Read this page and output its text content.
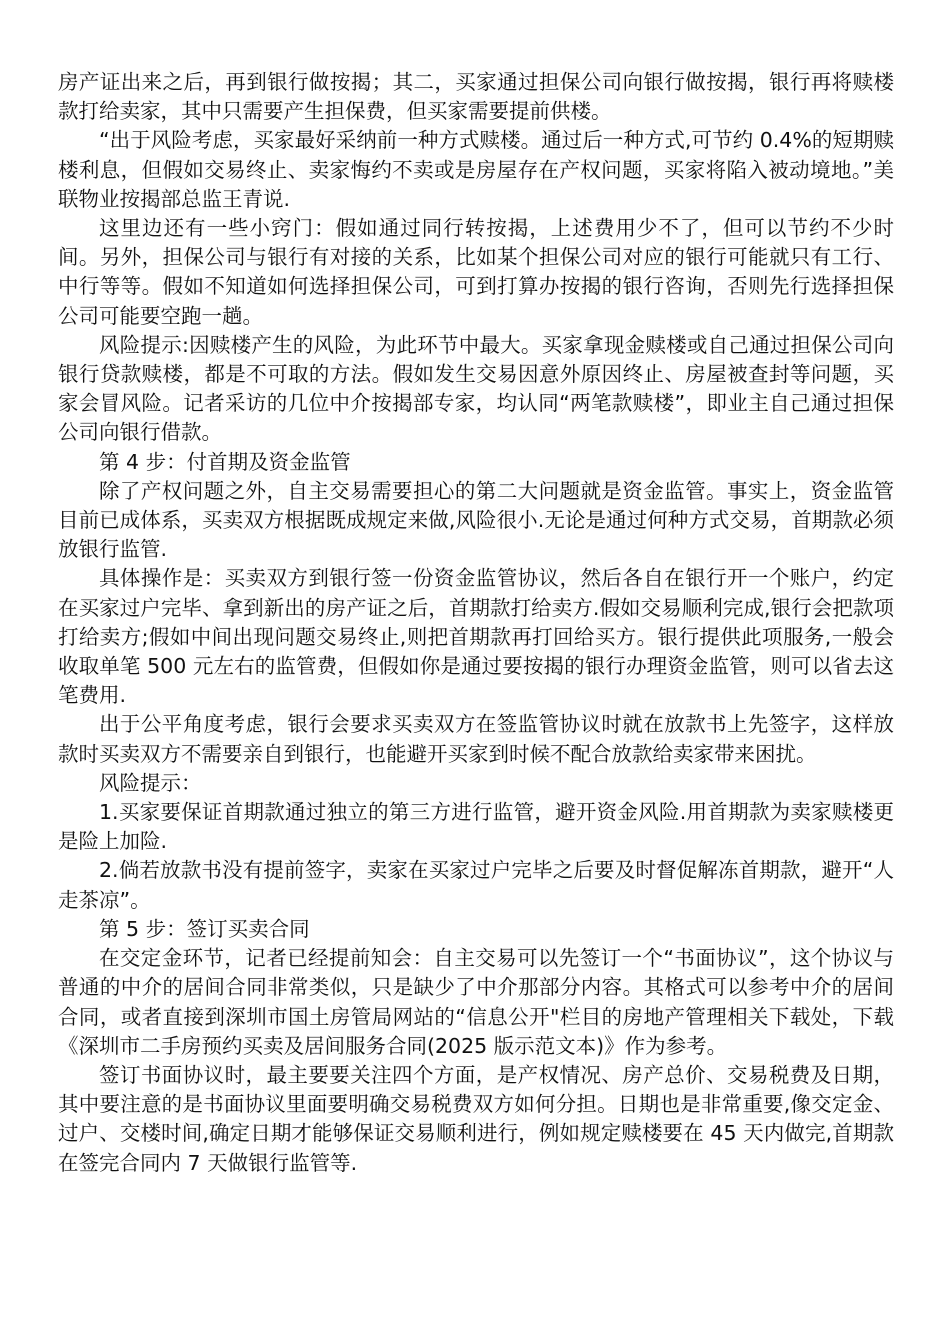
房产证出来之后，再到银行做按揭；其二，买家通过担保公司向银行做按揭，银行再将赎楼款打给卖家，其中只需要产生担保费，但买家需要提前供楼。

“出于风险考虑，买家最好采纳前一种方式赎楼。通过后一种方式,可节约 0.4%的短期赎楼利息，但假如交易终止、卖家悔约不卖或是房屋存在产权问题，买家将陷入被动境地。”美联物业按揭部总监王青说.

这里边还有一些小窍门：假如通过同行转按揭，上述费用少不了，但可以节约不少时间。另外，担保公司与银行有对接的关系，比如某个担保公司对应的银行可能就只有工行、中行等等。假如不知道如何选择担保公司，可到打算办按揭的银行咨询，否则先行选择担保公司可能要空跑一趟。

风险提示:因赎楼产生的风险，为此环节中最大。买家拿现金赎楼或自己通过担保公司向银行贷款赎楼，都是不可取的方法。假如发生交易因意外原因终止、房屋被查封等问题，买家会冒风险。记者采访的几位中介按揭部专家，均认同“两笔款赎楼”，即业主自己通过担保公司向银行借款。

第 4 步：付首期及资金监管

除了产权问题之外，自主交易需要担心的第二大问题就是资金监管。事实上，资金监管目前已成体系，买卖双方根据既成规定来做,风险很小.无论是通过何种方式交易，首期款必须放银行监管.

具体操作是：买卖双方到银行签一份资金监管协议，然后各自在银行开一个账户，约定在买家过户完毕、拿到新出的房产证之后，首期款打给卖方.假如交易顺利完成,银行会把款项打给卖方;假如中间出现问题交易终止,则把首期款再打回给买方。银行提供此项服务,一般会收取单笔 500 元左右的监管费，但假如你是通过要按揭的银行办理资金监管，则可以省去这笔费用.

出于公平角度考虑，银行会要求买卖双方在签监管协议时就在放款书上先签字，这样放款时买卖双方不需要亲自到银行，也能避开买家到时候不配合放款给卖家带来困扰。

风险提示：

1.买家要保证首期款通过独立的第三方进行监管，避开资金风险.用首期款为卖家赎楼更是险上加险.

2.倘若放款书没有提前签字，卖家在买家过户完毕之后要及时督促解冻首期款，避开“人走茶凉”。

第 5 步：签订买卖合同

在交定金环节，记者已经提前知会：自主交易可以先签订一个“书面协议”，这个协议与普通的中介的居间合同非常类似，只是缺少了中介那部分内容。其格式可以参考中介的居间合同，或者直接到深圳市国土房管局网站的“信息公开"栏目的房地产管理相关下载处，下载《深圳市二手房预约买卖及居间服务合同(2025 版示范文本)》作为参考。

签订书面协议时，最主要要关注四个方面，是产权情况、房产总价、交易税费及日期，其中要注意的是书面协议里面要明确交易税费双方如何分担。日期也是非常重要,像交定金、过户、交楼时间,确定日期才能够保证交易顺利进行，例如规定赎楼要在 45 天内做完,首期款在签完合同内 7 天做银行监管等.
